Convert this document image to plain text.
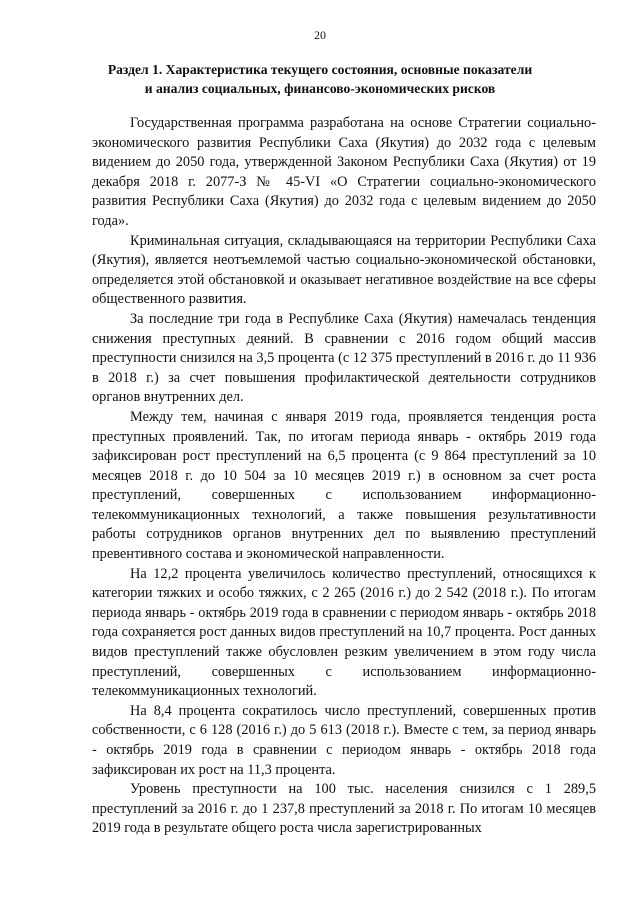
20
Раздел 1. Характеристика текущего состояния, основные показатели
и анализ социальных, финансово-экономических рисков

Государственная программа разработана на основе Стратегии социально-экономического развития Республики Саха (Якутия) до 2032 года с целевым видением до 2050 года, утвержденной Законом Республики Саха (Якутия) от 19 декабря 2018 г. 2077-З № 45-VI «О Стратегии социально-экономического развития Республики Саха (Якутия) до 2032 года с целевым видением до 2050 года».

Криминальная ситуация, складывающаяся на территории Республики Саха (Якутия), является неотъемлемой частью социально-экономической обстановки, определяется этой обстановкой и оказывает негативное воздействие на все сферы общественного развития.

За последние три года в Республике Саха (Якутия) намечалась тенденция снижения преступных деяний. В сравнении с 2016 годом общий массив преступности снизился на 3,5 процента (с 12 375 преступлений в 2016 г. до 11 936 в 2018 г.) за счет повышения профилактической деятельности сотрудников органов внутренних дел.

Между тем, начиная с января 2019 года, проявляется тенденция роста преступных проявлений. Так, по итогам периода январь - октябрь 2019 года зафиксирован рост преступлений на 6,5 процента (с 9 864 преступлений за 10 месяцев 2018 г. до 10 504 за 10 месяцев 2019 г.) в основном за счет роста преступлений, совершенных с использованием информационно-телекоммуникационных технологий, а также повышения результативности работы сотрудников органов внутренних дел по выявлению преступлений превентивного состава и экономической направленности.

На 12,2 процента увеличилось количество преступлений, относящихся к категории тяжких и особо тяжких, с 2 265 (2016 г.) до 2 542 (2018 г.). По итогам периода январь - октябрь 2019 года в сравнении с периодом январь - октябрь 2018 года сохраняется рост данных видов преступлений на 10,7 процента. Рост данных видов преступлений также обусловлен резким увеличением в этом году числа преступлений, совершенных с использованием информационно-телекоммуникационных технологий.

На 8,4 процента сократилось число преступлений, совершенных против собственности, с 6 128 (2016 г.) до 5 613 (2018 г.). Вместе с тем, за период январь - октябрь 2019 года в сравнении с периодом январь - октябрь 2018 года зафиксирован их рост на 11,3 процента.

Уровень преступности на 100 тыс. населения снизился с 1 289,5 преступлений за 2016 г. до 1 237,8 преступлений за 2018 г. По итогам 10 месяцев 2019 года в результате общего роста числа зарегистрированных
